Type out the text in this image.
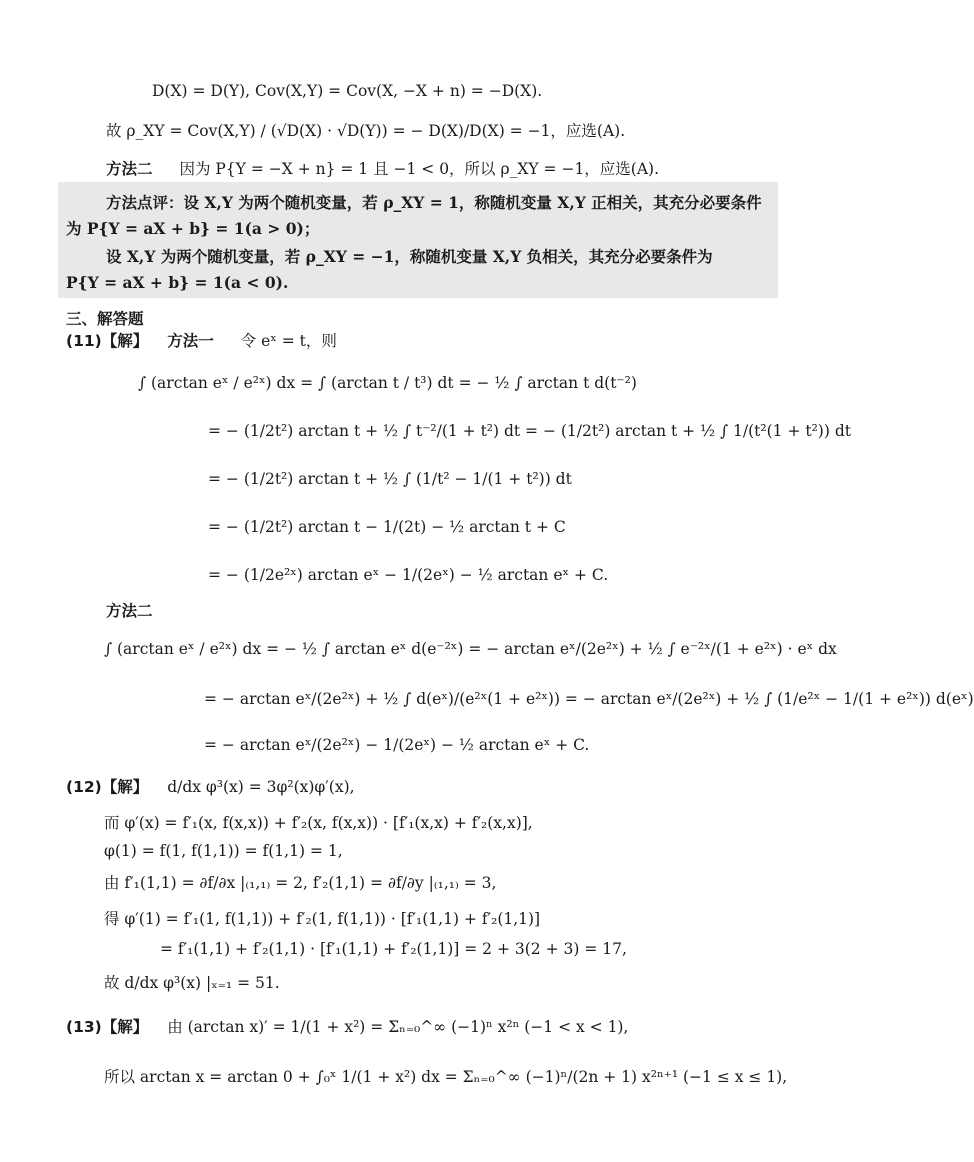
D(X) = D(Y), Cov(X,Y) = Cov(X, −X + n) = −D(X).
故 ρ_XY = Cov(X,Y) / (√D(X) · √D(Y)) = − D(X)/D(X) = −1，应选(A).
方法二 因为 P{Y = −X + n} = 1 且 −1 < 0，所以 ρ_XY = −1，应选(A).
方法点评：设 X,Y 为两个随机变量，若 ρ_XY = 1，称随机变量 X,Y 正相关，其充分必要条件
为 P{Y = aX + b} = 1(a > 0)；
设 X,Y 为两个随机变量，若 ρ_XY = −1，称随机变量 X,Y 负相关，其充分必要条件为
P{Y = aX + b} = 1(a < 0).
三、解答题
(11)【解】 方法一 令 eˣ = t，则
∫ (arctan eˣ / e²ˣ) dx = ∫ (arctan t / t³) dt = − ½ ∫ arctan t d(t⁻²)
= − (1/2t²) arctan t + ½ ∫ t⁻²/(1 + t²) dt = − (1/2t²) arctan t + ½ ∫ 1/(t²(1 + t²)) dt
= − (1/2t²) arctan t + ½ ∫ (1/t² − 1/(1 + t²)) dt
= − (1/2t²) arctan t − 1/(2t) − ½ arctan t + C
= − (1/2e²ˣ) arctan eˣ − 1/(2eˣ) − ½ arctan eˣ + C.
方法二
∫ (arctan eˣ / e²ˣ) dx = − ½ ∫ arctan eˣ d(e⁻²ˣ) = − arctan eˣ/(2e²ˣ) + ½ ∫ e⁻²ˣ/(1 + e²ˣ) · eˣ dx
= − arctan eˣ/(2e²ˣ) + ½ ∫ d(eˣ)/(e²ˣ(1 + e²ˣ)) = − arctan eˣ/(2e²ˣ) + ½ ∫ (1/e²ˣ − 1/(1 + e²ˣ)) d(eˣ)
= − arctan eˣ/(2e²ˣ) − 1/(2eˣ) − ½ arctan eˣ + C.
(12)【解】 d/dx φ³(x) = 3φ²(x)φ′(x),
而 φ′(x) = f′₁(x, f(x,x)) + f′₂(x, f(x,x)) · [f′₁(x,x) + f′₂(x,x)],
φ(1) = f(1, f(1,1)) = f(1,1) = 1,
由 f′₁(1,1) = ∂f/∂x |₍₁,₁₎ = 2, f′₂(1,1) = ∂f/∂y |₍₁,₁₎ = 3,
得 φ′(1) = f′₁(1, f(1,1)) + f′₂(1, f(1,1)) · [f′₁(1,1) + f′₂(1,1)]
= f′₁(1,1) + f′₂(1,1) · [f′₁(1,1) + f′₂(1,1)] = 2 + 3(2 + 3) = 17,
故 d/dx φ³(x) |ₓ₌₁ = 51.
(13)【解】 由 (arctan x)′ = 1/(1 + x²) = Σₙ₌₀^∞ (−1)ⁿ x²ⁿ (−1 < x < 1),
所以 arctan x = arctan 0 + ∫₀ˣ 1/(1 + x²) dx = Σₙ₌₀^∞ (−1)ⁿ/(2n + 1) x²ⁿ⁺¹ (−1 ≤ x ≤ 1),
